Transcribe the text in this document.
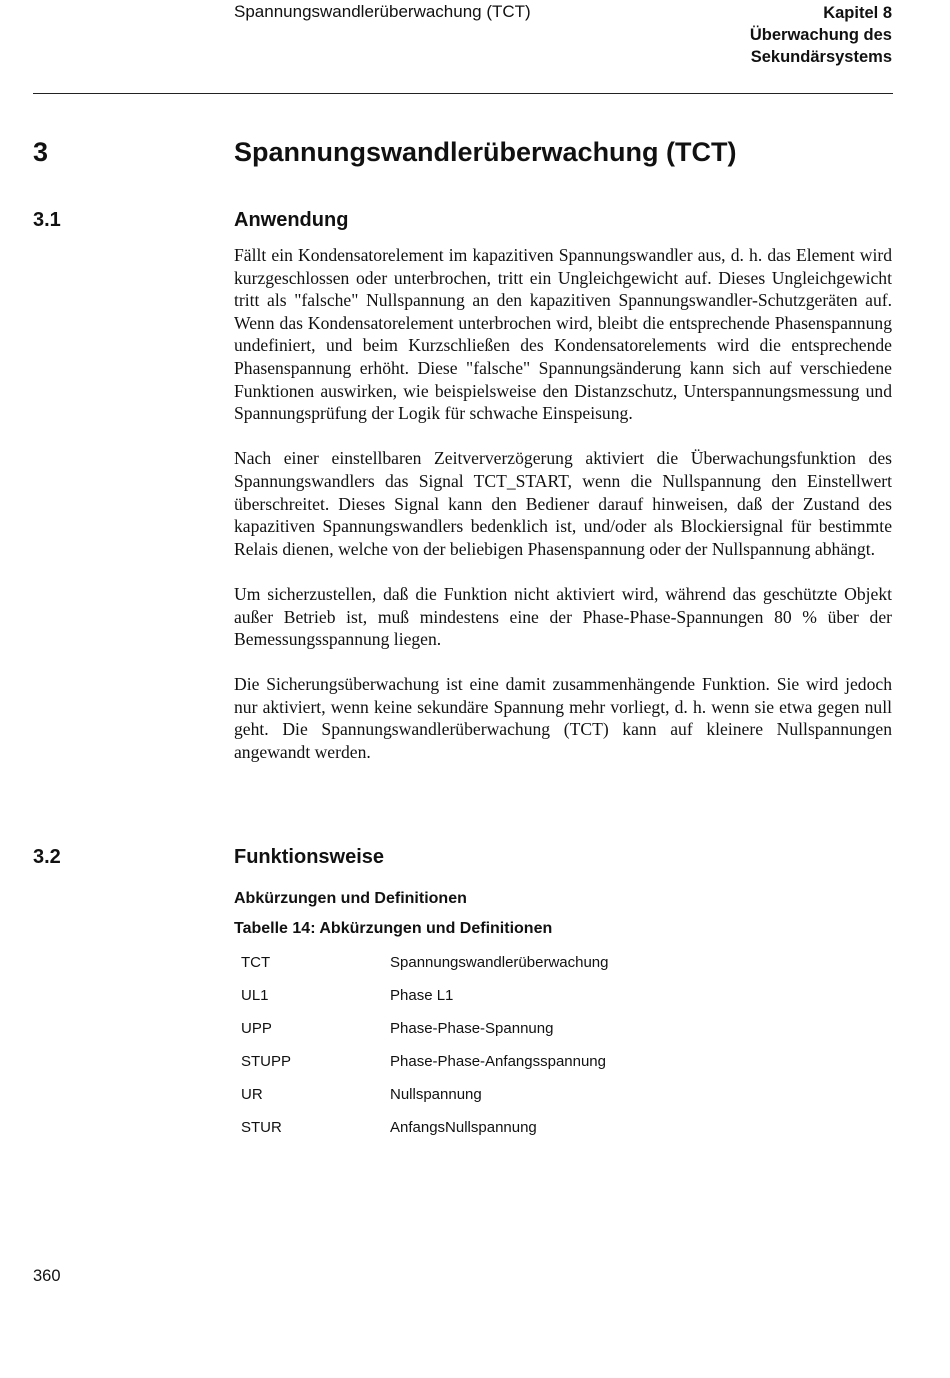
Spannungswandlerüberwachung (TCT)	Kapitel 8
Überwachung des
Sekundärsystems
3	Spannungswandlerüberwachung (TCT)
3.1	Anwendung

Fällt ein Kondensatorelement im kapazitiven Spannungswandler aus, d. h. das Element wird kurzgeschlossen oder unterbrochen, tritt ein Ungleichgewicht auf. Dieses Ungleichgewicht tritt als "falsche" Nullspannung an den kapazitiven Spannungswandler-Schutzgeräten auf. Wenn das Kondensatorelement unterbrochen wird, bleibt die entsprechende Phasenspannung undefiniert, und beim Kurzschließen des Kondensatorelements wird die entsprechende Phasenspannung erhöht. Diese "falsche" Spannungsänderung kann sich auf verschiedene Funktionen auswirken, wie beispielsweise den Distanzschutz, Unterspannungsmessung und Spannungsprüfung der Logik für schwache Einspeisung.

Nach einer einstellbaren Zeitververzögerung aktiviert die Überwachungsfunktion des Spannungswandlers das Signal TCT_START, wenn die Nullspannung den Einstellwert überschreitet. Dieses Signal kann den Bediener darauf hinweisen, daß der Zustand des kapazitiven Spannungswandlers bedenklich ist, und/oder als Blockiersignal für bestimmte Relais dienen, welche von der beliebigen Phasenspannung oder der Nullspannung abhängt.

Um sicherzustellen, daß die Funktion nicht aktiviert wird, während das geschützte Objekt außer Betrieb ist, muß mindestens eine der Phase-Phase-Spannungen 80 % über der Bemessungsspannung liegen.

Die Sicherungsüberwachung ist eine damit zusammenhängende Funktion. Sie wird jedoch nur aktiviert, wenn keine sekundäre Spannung mehr vorliegt, d. h. wenn sie etwa gegen null geht. Die Spannungswandlerüberwachung (TCT) kann auf kleinere Nullspannungen angewandt werden.

3.2	Funktionsweise
Abkürzungen und Definitionen
Tabelle 14: Abkürzungen und Definitionen
TCT	Spannungswandlerüberwachung
UL1	Phase L1
UPP	Phase-Phase-Spannung
STUPP	Phase-Phase-Anfangsspannung
UR	Nullspannung
STUR	AnfangsNullspannung
360
